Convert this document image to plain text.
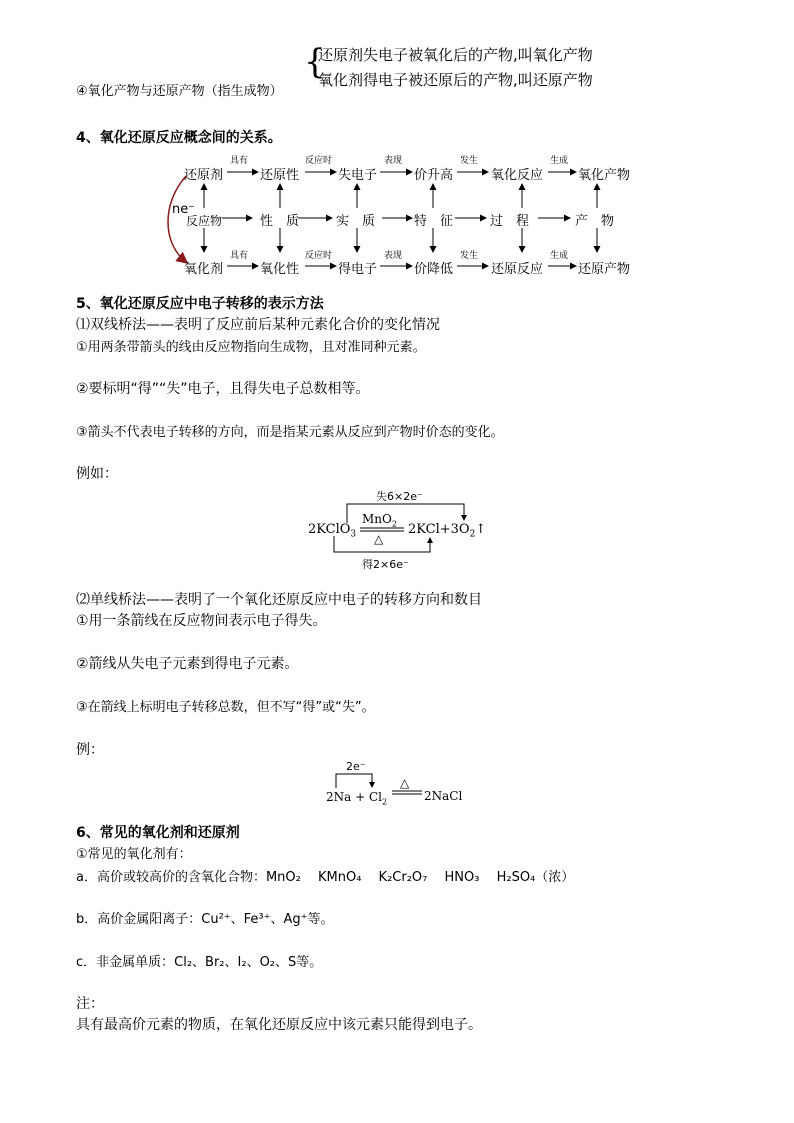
{
还原剂失电子被氧化后的产物,叫氧化产物
氧化剂得电子被还原后的产物,叫还原产物
④氧化产物与还原产物（指生成物）
4、氧化还原反应概念间的关系。
还原剂	还原性	失电子	价升高	氧化反应	氧化产物
具有	反应时	表现	发生	生成
ne⁻
反应物	性　质	实　质	特　征	过　程	产　物
氧化剂	氧化性	得电子	价降低	还原反应	还原产物
具有	反应时	表现	发生	生成
5、氧化还原反应中电子转移的表示方法
⑴双线桥法——表明了反应前后某种元素化合价的变化情况
①用两条带箭头的线由反应物指向生成物，且对准同种元素。
②要标明“得”“失”电子，且得失电子总数相等。
③箭头不代表电子转移的方向，而是指某元素从反应到产物时价态的变化。
例如：
失6×2e⁻
2KClO$_3$
MnO$_2$
△
$2KCl+3O_2↑$
得2×6e⁻
⑵单线桥法——表明了一个氧化还原反应中电子的转移方向和数目
①用一条箭线在反应物间表示电子得失。
②箭线从失电子元素到得电子元素。
③在箭线上标明电子转移总数，但不写“得”或“失”。
例：
2e⁻
△
$2Na + Cl_2$	2NaCl
6、常见的氧化剂和还原剂
①常见的氧化剂有：
a．高价或较高价的含氧化合物：MnO₂　 KMnO₄　 K₂Cr₂O₇　 HNO₃　 H₂SO₄（浓）
b．高价金属阳离子：Cu²⁺、Fe³⁺、Ag⁺等。
c．非金属单质：Cl₂、Br₂、I₂、O₂、S等。
注：
具有最高价元素的物质，在氧化还原反应中该元素只能得到电子。
